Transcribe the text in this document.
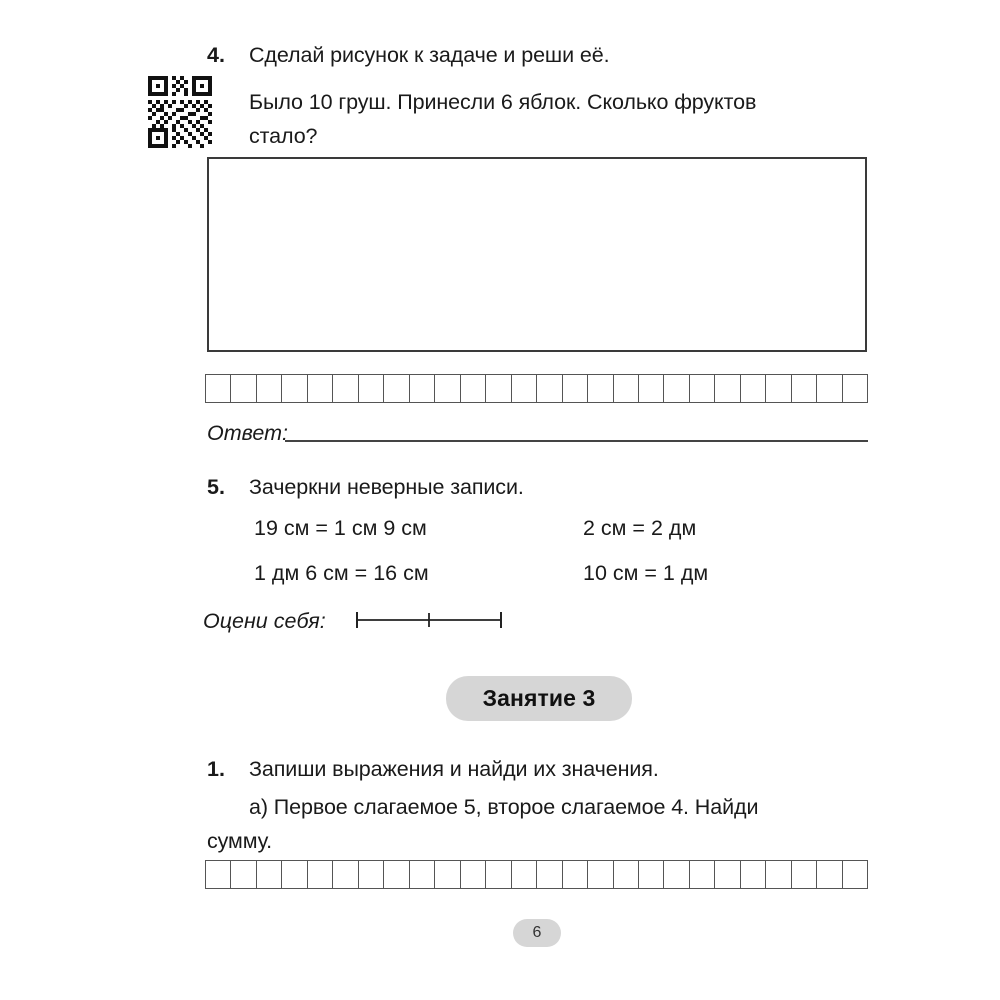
4. Сделай рисунок к задаче и реши её.
Было 10 груш. Принесли 6 яблок. Сколько фруктов
стало?
Ответ:
5. Зачеркни неверные записи.
19 см = 1 см 9 см	2 см = 2 дм
1 дм 6 см = 16 см	10 см = 1 дм
Оцени себя:
Занятие 3
1. Запиши выражения и найди их значения.
а) Первое слагаемое 5, второе слагаемое 4. Найди
сумму.
6
